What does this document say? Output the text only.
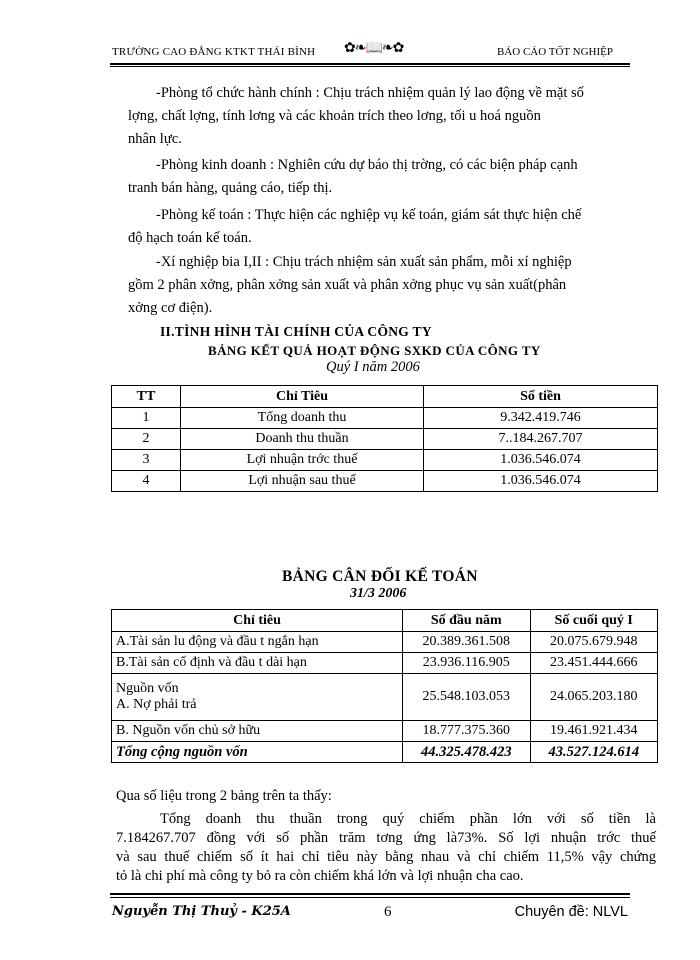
TRƯỜNG CAO ĐẲNG KTKT THÁI BÌNH ✿❧📖❧✿	BÁO CÁO TỐT NGHIỆP
-Phòng tổ chức hành chính : Chịu trách nhiệm quản lý lao động về mặt số
lợng, chất lợng, tính lơng và các khoản trích theo lơng, tối u hoá nguồn
nhân lực.
-Phòng kinh doanh : Nghiên cứu dự báo thị trờng, có các biện pháp cạnh
tranh bán hàng, quảng cáo, tiếp thị.
-Phòng kế toán : Thực hiện các nghiệp vụ kế toán, giám sát thực hiện chế
độ hạch toán kế toán.
-Xí nghiệp bia I,II : Chịu trách nhiệm sản xuất sản phẩm, mỗi xí nghiệp
gồm 2 phân xởng, phân xởng sản xuất và phân xởng phục vụ sản xuất(phân
xởng cơ điện).
II.TÌNH HÌNH TÀI CHÍNH CỦA CÔNG TY
BẢNG KẾT QUẢ HOẠT ĐỘNG SXKD CỦA CÔNG TY
Quý I năm 2006
TT	Chỉ Tiêu	Số tiền
1	Tổng doanh thu	9.342.419.746
2	Doanh thu thuần	7..184.267.707
3	Lợi nhuận trớc thuế	1.036.546.074
4	Lợi nhuận sau thuế	1.036.546.074
BẢNG CÂN ĐỐI KẾ TOÁN
31/3 2006
Chỉ tiêu	Số đầu năm	Số cuối quý I
A.Tài sản lu động và đầu t ngắn hạn	20.389.361.508	20.075.679.948
B.Tài sản cố định và đầu t dài hạn	23.936.116.905	23.451.444.666

Nguồn vốn
A. Nợ phải trả	25.548.103.053	24.065.203.180
B. Nguồn vốn chủ sở hữu	18.777.375.360	19.461.921.434
Tổng cộng nguồn vốn	44.325.478.423	43.527.124.614
Qua số liệu trong 2 bảng trên ta thấy:
Tổng doanh thu thuần trong quý chiếm phần lớn với số tiền là
7.184267.707 đồng với số phần trăm tơng ứng là73%. Số lợi nhuận trớc thuế
và sau thuế chiếm số ít hai chỉ tiêu này bằng nhau và chỉ chiếm 11,5% vậy chứng
tỏ là chi phí mà công ty bỏ ra còn chiếm khá lớn và lợi nhuận cha cao.
Nguyễn Thị Thuỷ - K25A	6	Chuyên đề: NLVL
